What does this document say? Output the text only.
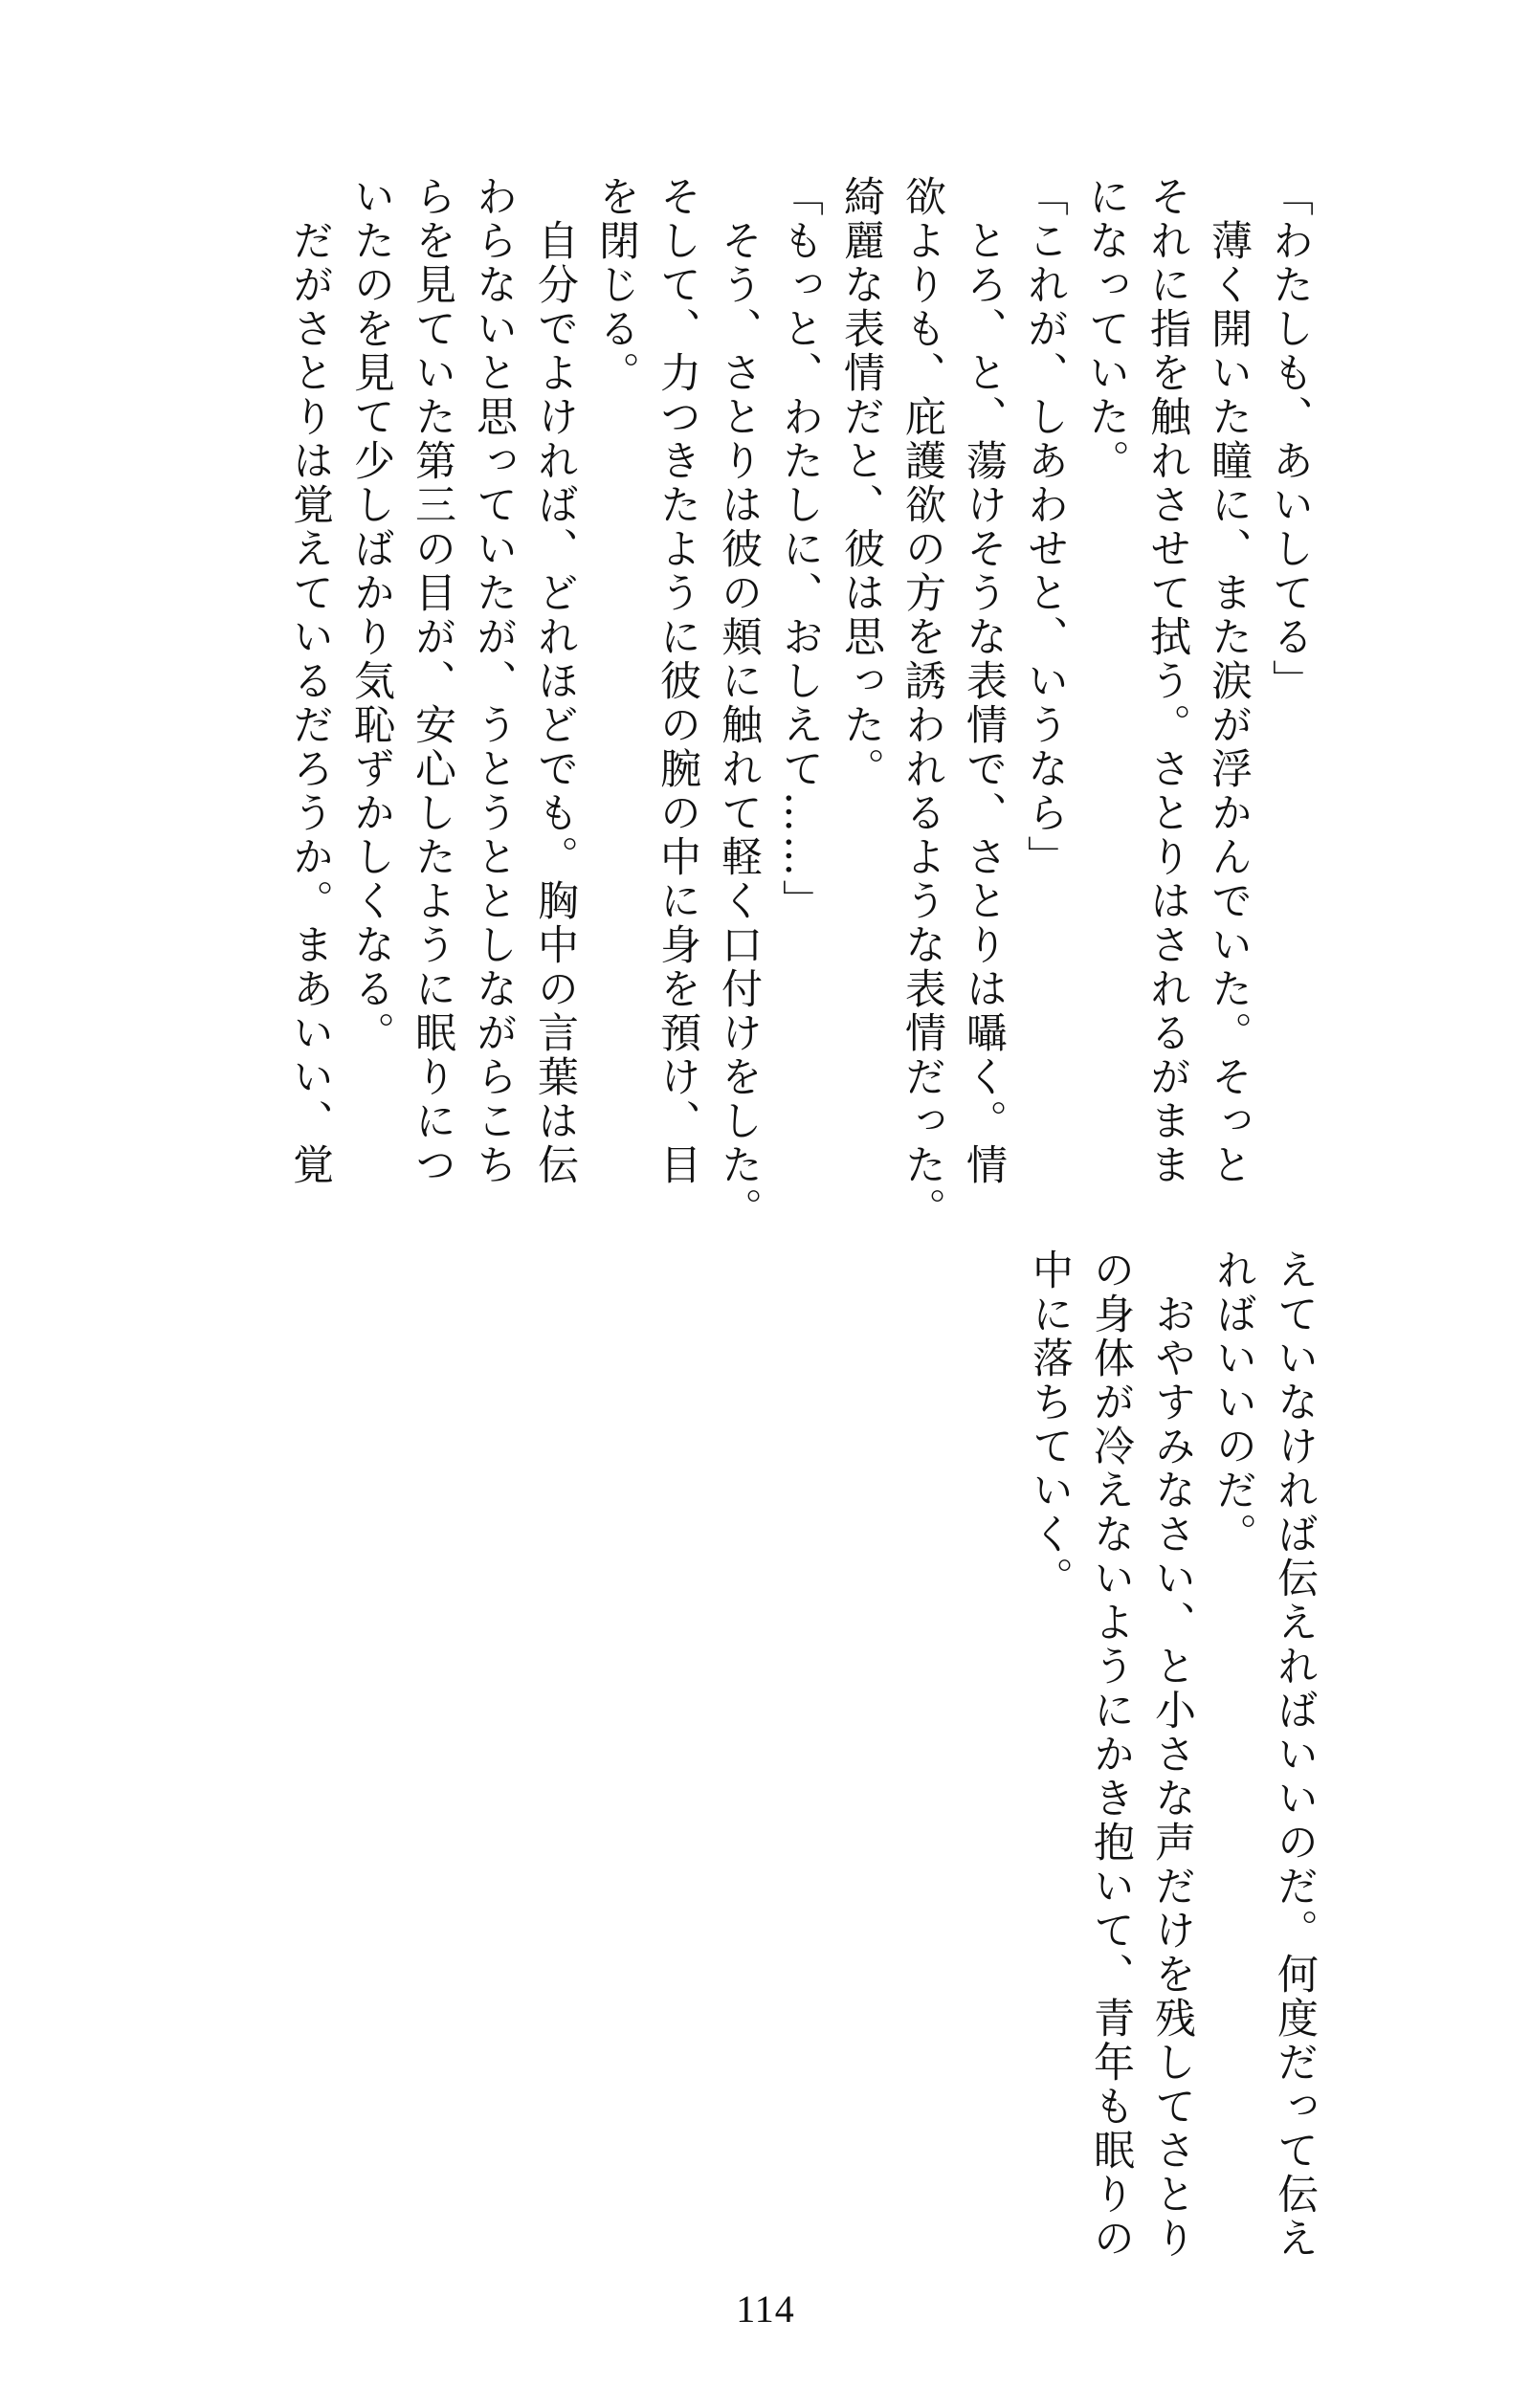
「わたしも、あいしてる」
　薄く開いた瞳に、また涙が浮かんでいた。そっと
それに指を触れさせて拭う。さとりはされるがまま
になっていた。
「これが、しあわせと、いうなら」
　とろ、と、蕩けそうな表情で、さとりは囁く。情
欲よりも、庇護欲の方を誘われるような表情だった。
綺麗な表情だと、彼は思った。
「もっと、わたしに、おしえて……」
　そう、さとりは彼の頬に触れて軽く口付けをした。
そして、力つきたように彼の腕の中に身を預け、目
を閉じる。
　自分でよければ、どれほどでも。胸中の言葉は伝
わらないと思っていたが、うとうととしながらこち
らを見ていた第三の目が、安心したように眠りにつ
いたのを見て少しばかり気恥ずかしくなる。
　だがさとりは覚えているだろうか。まあいい、覚
えていなければ伝えればいいのだ。何度だって伝え
ればいいのだ。
　おやすみなさい、と小さな声だけを残してさとり
の身体が冷えないようにかき抱いて、青年も眠りの
中に落ちていく。
114
